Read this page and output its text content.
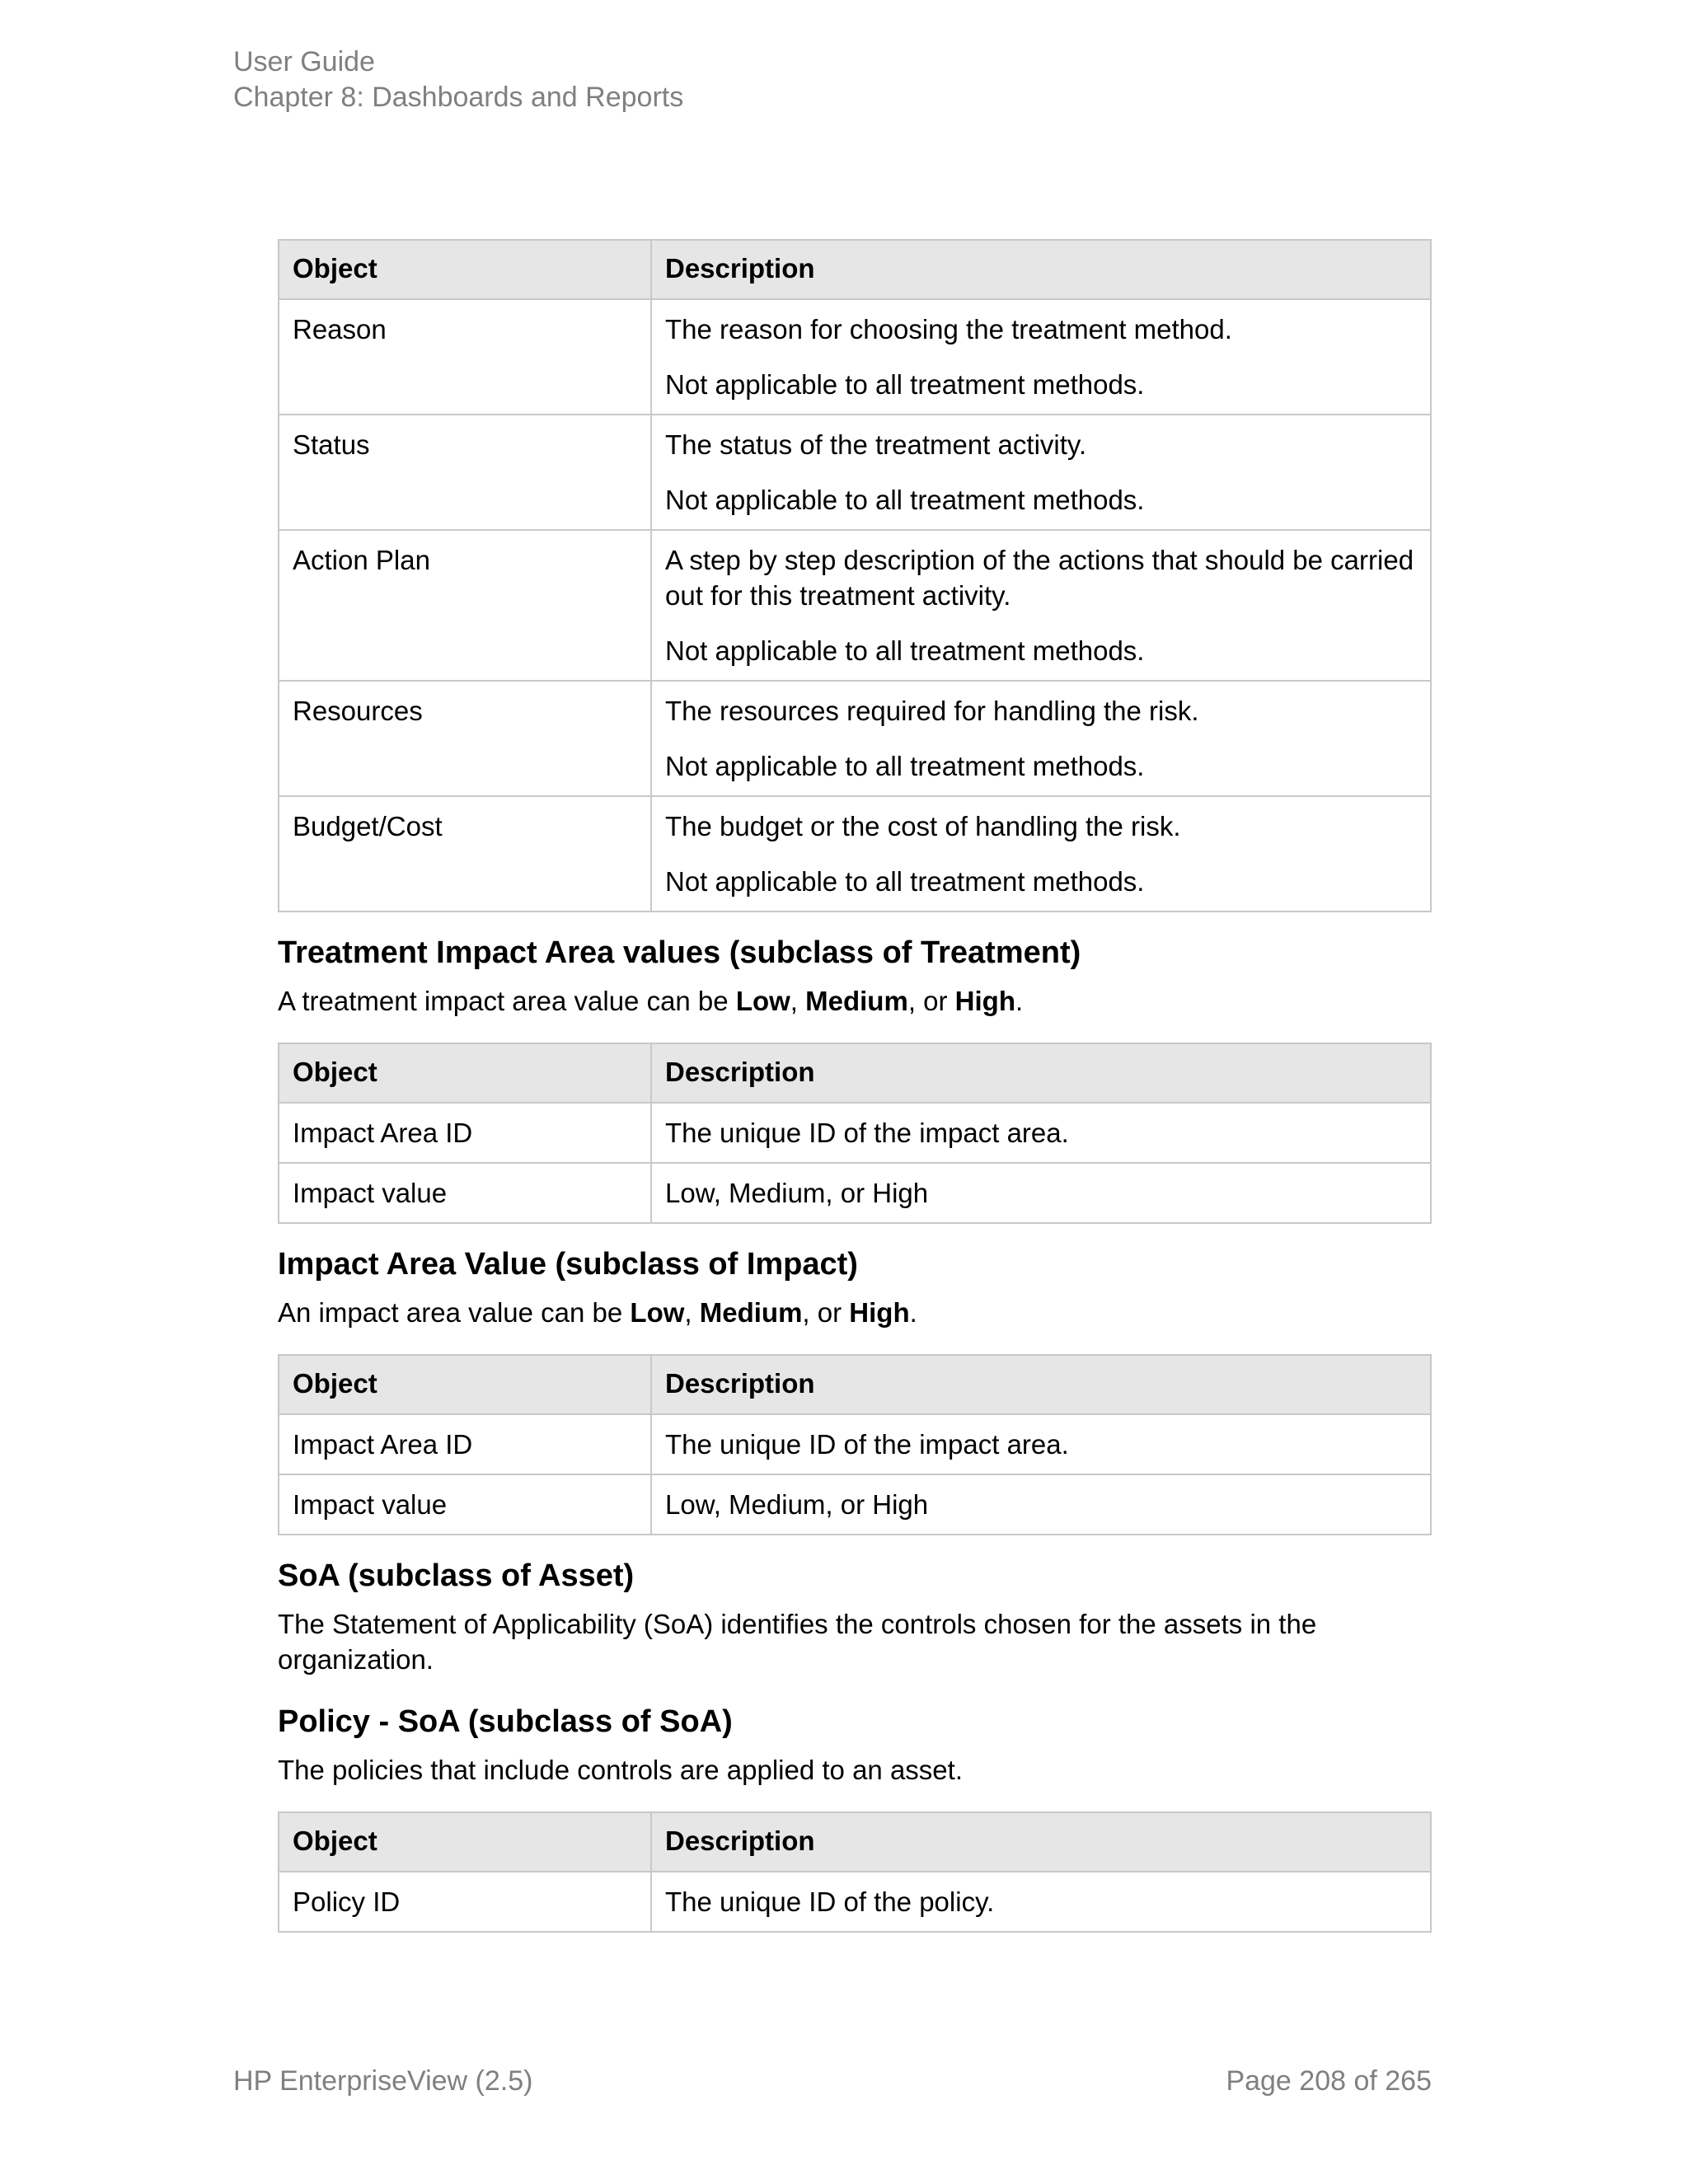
User Guide
Chapter 8: Dashboards and Reports
Object	Description
Reason	The reason for choosing the treatment method.

Not applicable to all treatment methods.

Status	The status of the treatment activity.

Not applicable to all treatment methods.

Action Plan	A step by step description of the actions that should be carried out for this treatment activity.

Not applicable to all treatment methods.

Resources	The resources required for handling the risk.

Not applicable to all treatment methods.

Budget/Cost	The budget or the cost of handling the risk.

Not applicable to all treatment methods.

Treatment Impact Area values (subclass of Treatment)

A treatment impact area value can be Low, Medium, or High.

Object	Description
Impact Area ID	The unique ID of the impact area.
Impact value	Low, Medium, or High
Impact Area Value (subclass of Impact)

An impact area value can be Low, Medium, or High.

Object	Description
Impact Area ID	The unique ID of the impact area.
Impact value	Low, Medium, or High
SoA (subclass of Asset)

The Statement of Applicability (SoA) identifies the controls chosen for the assets in the organization.

Policy - SoA (subclass of SoA)

The policies that include controls are applied to an asset.

Object	Description
Policy ID	The unique ID of the policy.
HP EnterpriseView (2.5)	Page 208 of 265
